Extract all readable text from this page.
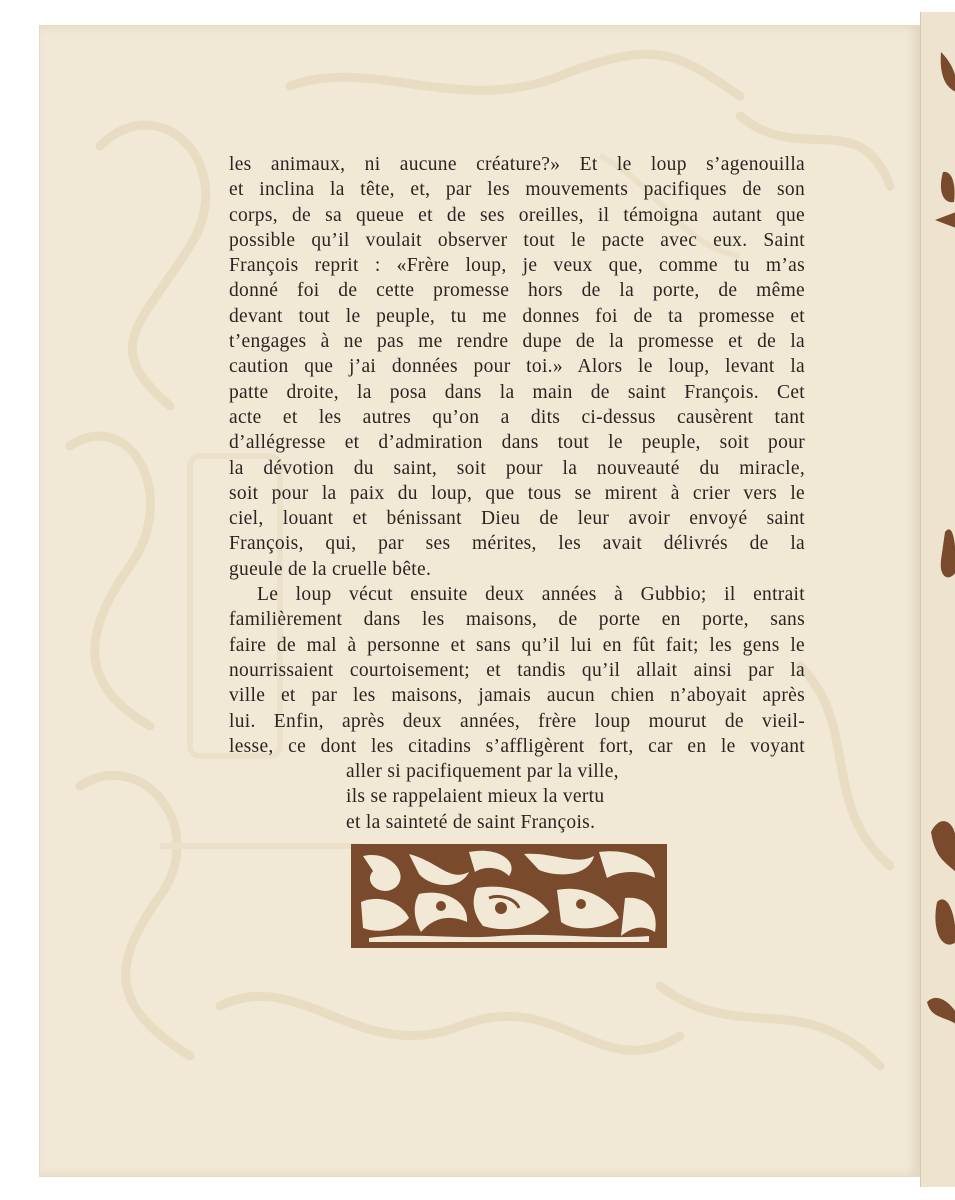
les animaux, ni aucune créature?» Et le loup s’agenouilla
et inclina la tête, et, par les mouvements pacifiques de son
corps, de sa queue et de ses oreilles, il témoigna autant que
possible qu’il voulait observer tout le pacte avec eux. Saint
François reprit : «Frère loup, je veux que, comme tu m’as
donné foi de cette promesse hors de la porte, de même
devant tout le peuple, tu me donnes foi de ta promesse et
t’engages à ne pas me rendre dupe de la promesse et de la
caution que j’ai données pour toi.» Alors le loup, levant la
patte droite, la posa dans la main de saint François. Cet
acte et les autres qu’on a dits ci-dessus causèrent tant
d’allégresse et d’admiration dans tout le peuple, soit pour
la dévotion du saint, soit pour la nouveauté du miracle,
soit pour la paix du loup, que tous se mirent à crier vers le
ciel, louant et bénissant Dieu de leur avoir envoyé saint
François, qui, par ses mérites, les avait délivrés de la
gueule de la cruelle bête.
Le loup vécut ensuite deux années à Gubbio; il entrait
familièrement dans les maisons, de porte en porte, sans
faire de mal à personne et sans qu’il lui en fût fait; les gens le
nourrissaient courtoisement; et tandis qu’il allait ainsi par la
ville et par les maisons, jamais aucun chien n’aboyait après
lui. Enfin, après deux années, frère loup mourut de vieil-
lesse, ce dont les citadins s’affligèrent fort, car en le voyant
aller si pacifiquement par la ville,
ils se rappelaient mieux la vertu
et la sainteté de saint François.
